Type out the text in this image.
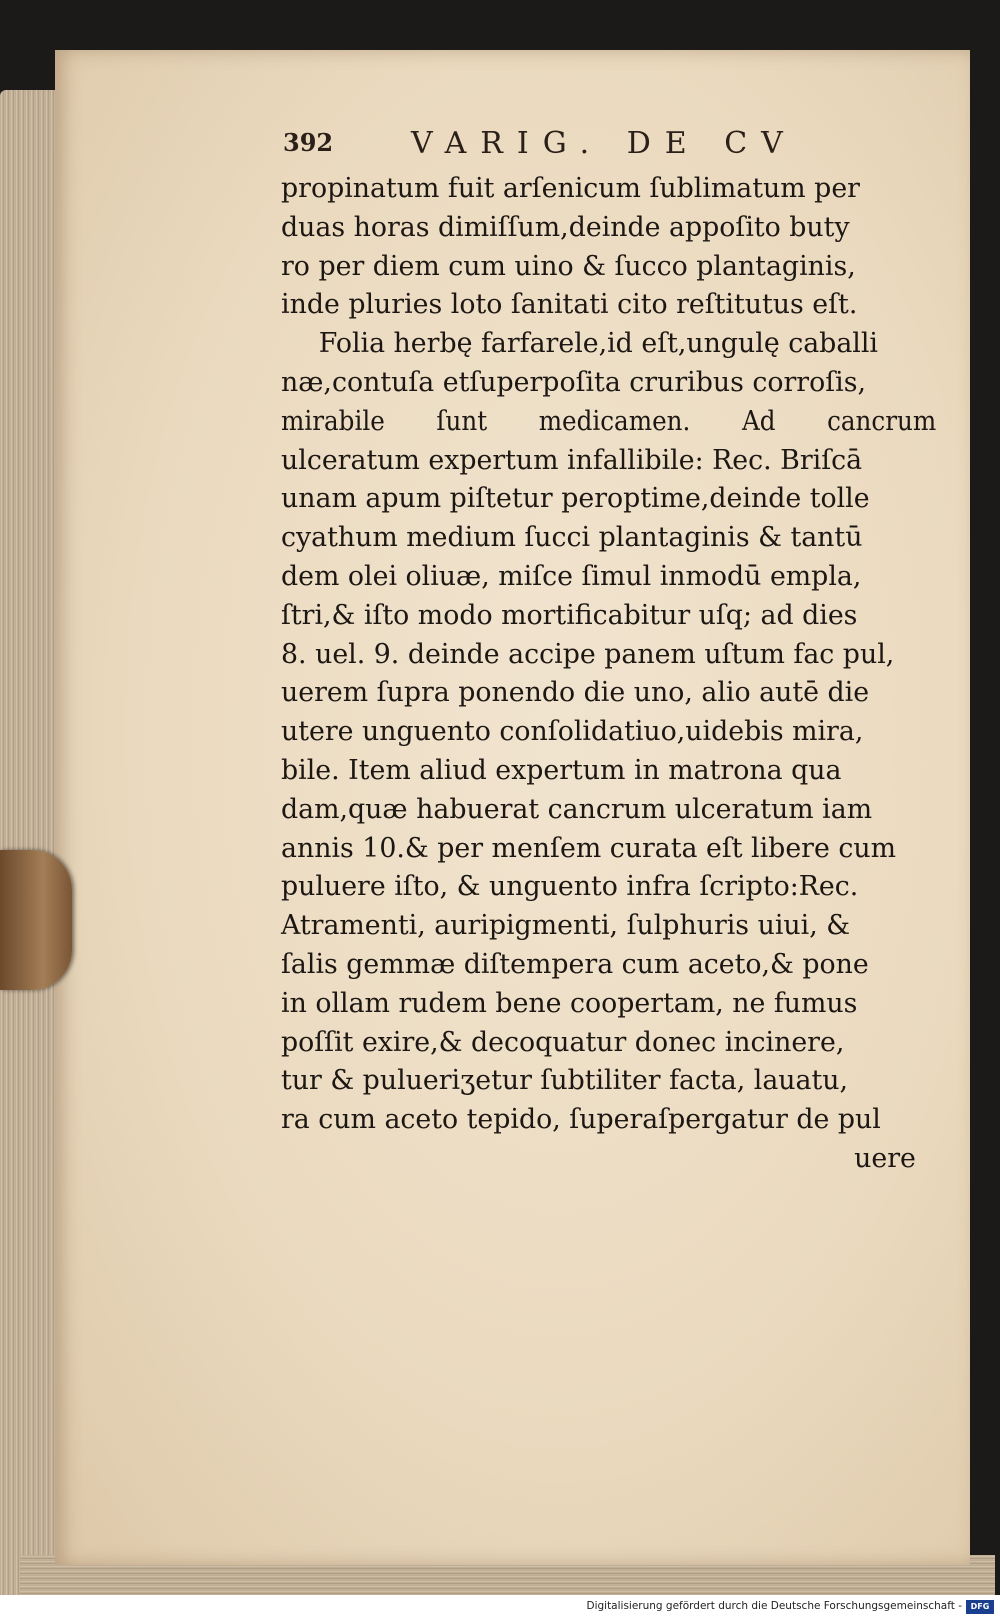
392	VARIG. DE CV
propinatum fuit arſenicum ſublimatum per
duas horas dimiſſum,deinde appoſito buty
ro per diem cum uino & ſucco plantaginis,
inde pluries loto ſanitati cito reſtitutus eſt.
Folia herbę farfarele,id eſt,ungulę caballi
næ,contuſa etſuperpoſita cruribus corroſis,
mirabile ſunt medicamen. Ad cancrum
ulceratum expertum infallibile: Rec. Briſcā
unam apum piſtetur peroptime,deinde tolle
cyathum medium ſucci plantaginis & tantū
dem olei oliuæ, miſce ſimul inmodū empla,
ſtri,& iſto modo mortificabitur uſq; ad dies
8. uel. 9. deinde accipe panem uſtum fac pul,
uerem ſupra ponendo die uno, alio autē die
utere unguento conſolidatiuo,uidebis mira,
bile. Item aliud expertum in matrona qua
dam,quæ habuerat cancrum ulceratum iam
annis 10.& per menſem curata eſt libere cum
puluere iſto, & unguento infra ſcripto:Rec.
Atramenti, auripigmenti, ſulphuris uiui, &
ſalis gemmæ diſtempera cum aceto,& pone
in ollam rudem bene coopertam, ne fumus
poſſit exire,& decoquatur donec incinere,
tur & pulueriʒetur ſubtiliter facta, lauatu,
ra cum aceto tepido, ſuperaſpergatur de pul
uere
Digitalisierung gefördert durch die Deutsche Forschungsgemeinschaft -	DFG
